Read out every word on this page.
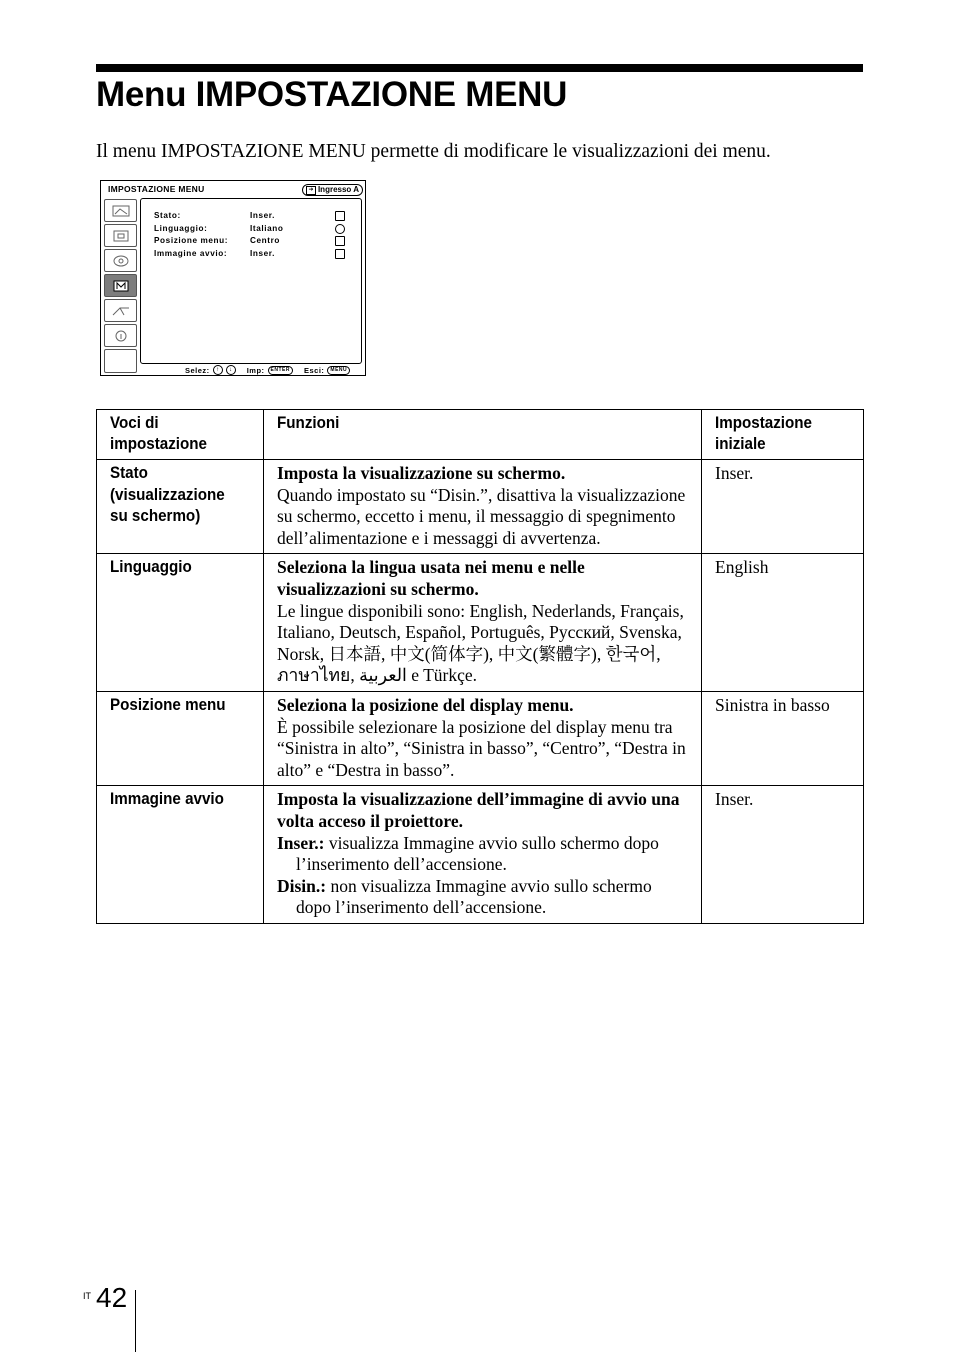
Menu IMPOSTAZIONE MENU
Il menu IMPOSTAZIONE MENU permette di modificare le visualizzazioni dei menu.
IMPOSTAZIONE MENU	➜ Ingresso A
Stato:	Inser.
Linguaggio:	Italiano
Posizione menu:	Centro
Immagine avvio:	Inser.
Selez:	↑	↓	Imp:	ENTER	Esci:	MENU
Voci di impostazione	Funzioni	Impostazione iniziale

Stato (visualizzazione su schermo)	Imposta la visualizzazione su schermo.
Quando impostato su “Disin.”, disattiva la visualizzazione su schermo, eccetto i menu, il messaggio di spegnimento dell’alimentazione e i messaggi di avvertenza.	Inser.

Linguaggio	Seleziona la lingua usata nei menu e nelle visualizzazioni su schermo.
Le lingue disponibili sono: English, Nederlands, Français, Italiano, Deutsch, Español, Português, Русский, Svenska, Norsk, 日本語, 中文(简体字), 中文(繁體字), 한국어, ภาษาไทย, العربية e Türkçe.	English

Posizione menu	Seleziona la posizione del display menu.
È possibile selezionare la posizione del display menu tra “Sinistra in alto”, “Sinistra in basso”, “Centro”, “Destra in alto” e “Destra in basso”.	Sinistra in basso

Immagine avvio	Imposta la visualizzazione dell’immagine di avvio una volta acceso il proiettore.
Inser.: visualizza Immagine avvio sullo schermo dopo l’inserimento dell’accensione.
Disin.: non visualizza Immagine avvio sullo schermo dopo l’inserimento dell’accensione.	Inser.
IT 42
